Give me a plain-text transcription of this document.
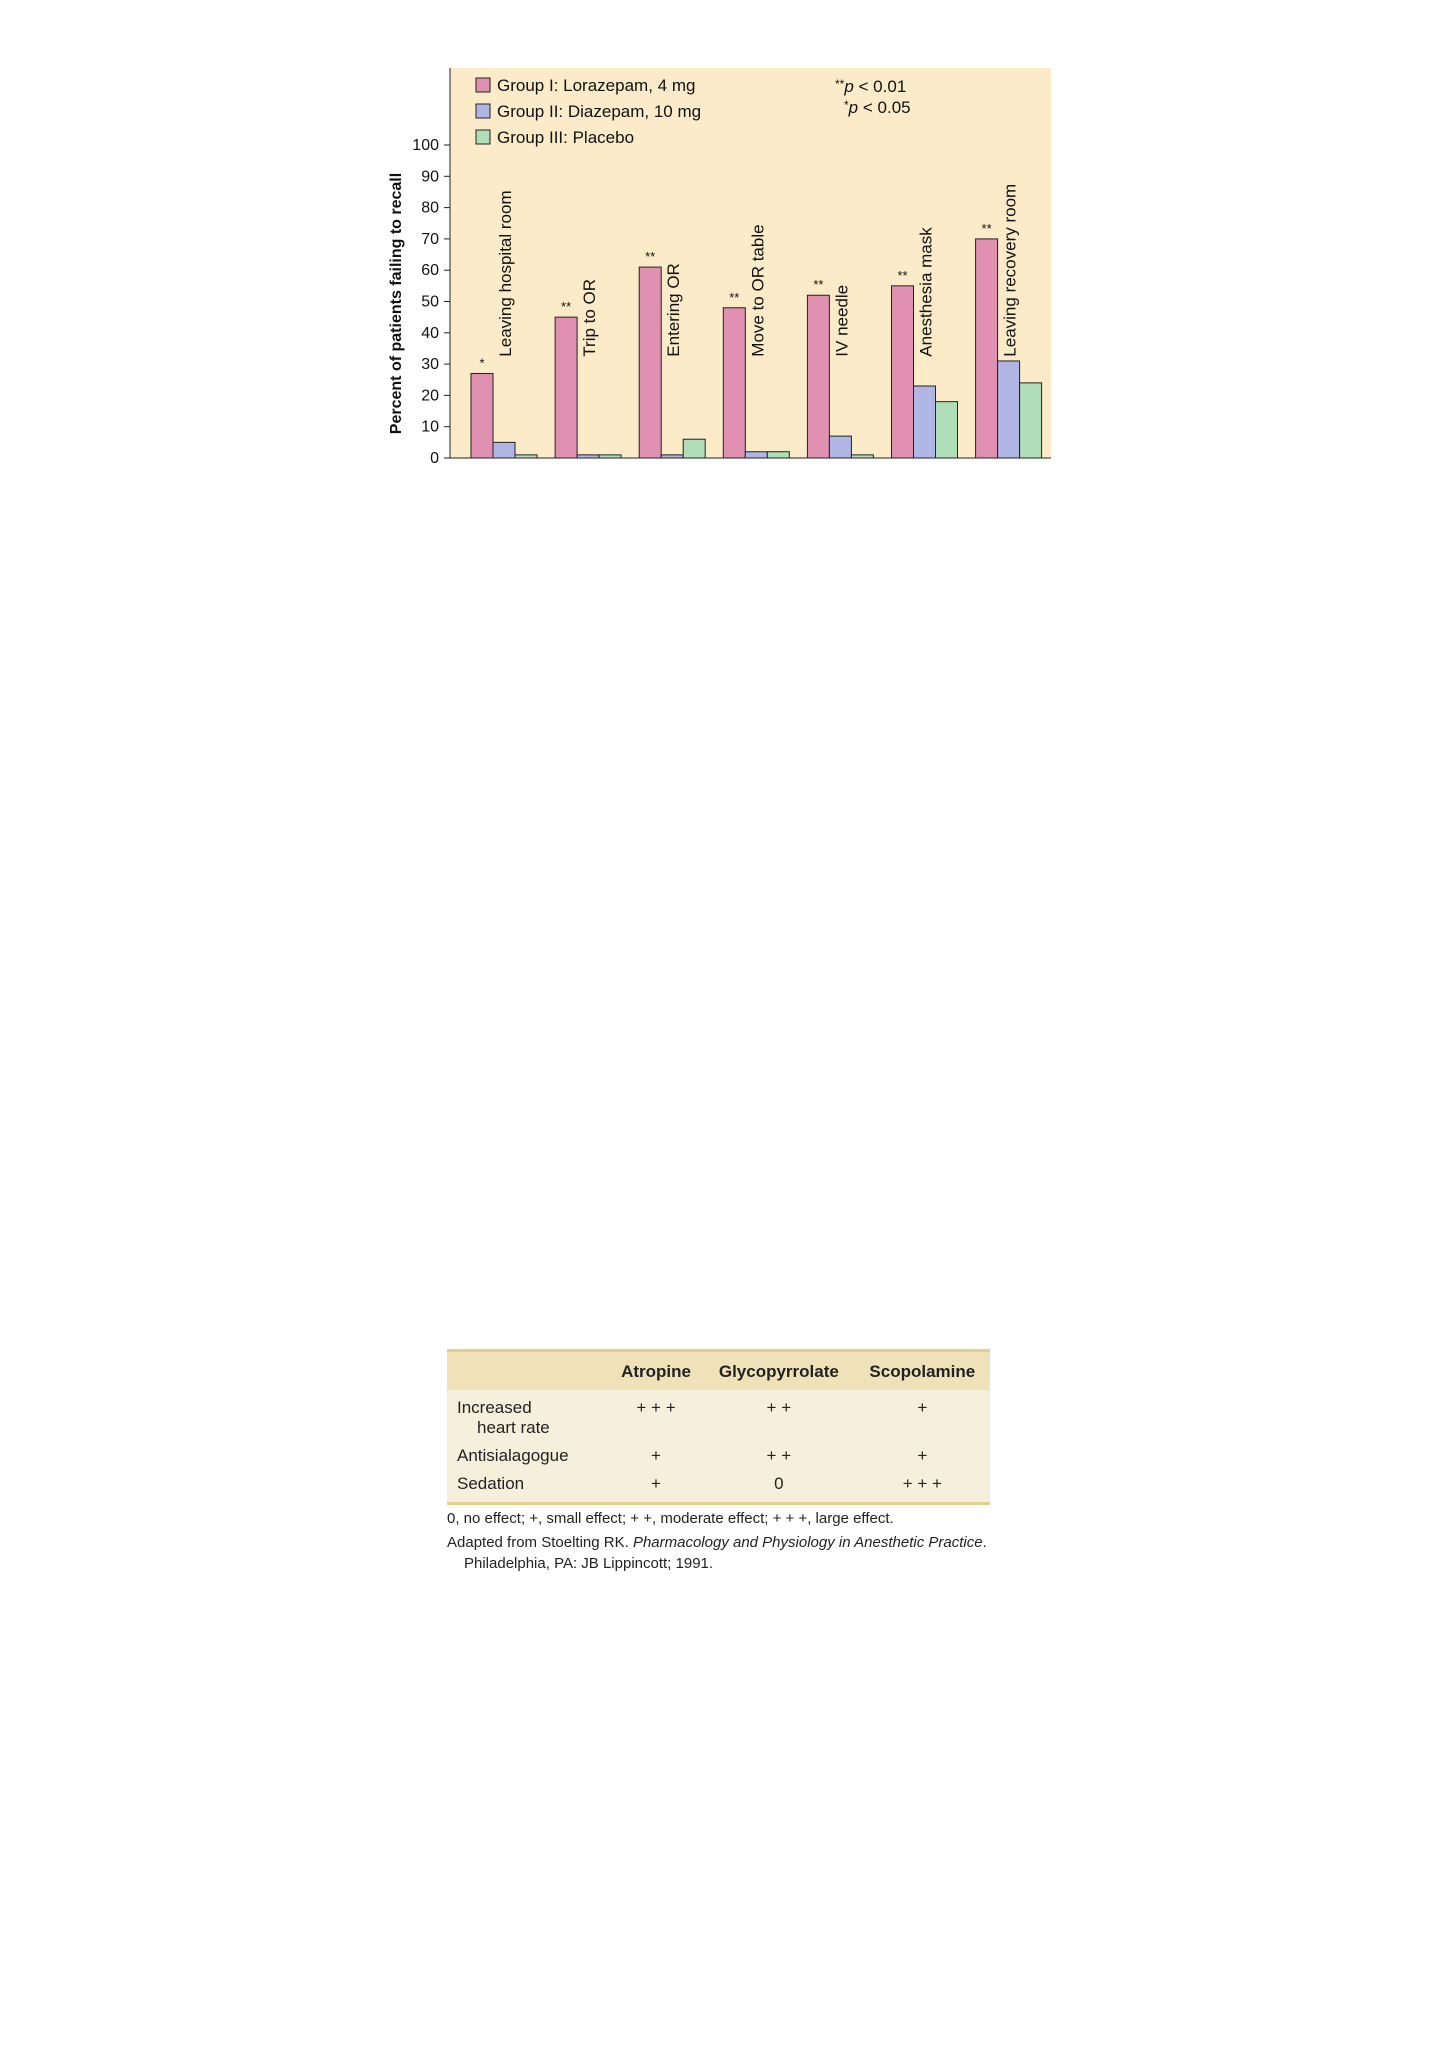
0
10
20
30
40
50
60
70
80
90
100
Percent of patients failing to recall	*
Leaving hospital room	** Trip to OR
**
Entering OR	** Move to OR table	**
IV needle
** Anesthesia mask	** Leaving recovery room
Group I: Lorazepam, 4 mg
Group II: Diazepam, 10 mg
Group III: Placebo
**p < 0.01
*p < 0.05
	Atropine	Glycopyrrolate	Scopolamine
Increased
heart rate	+ + +	+ +	+
Antisialagogue	+	+ +	+
Sedation	+	0	+ + +
0, no effect; +, small effect; + +, moderate effect; + + +, large effect.
Adapted from Stoelting RK. Pharmacology and Physiology in Anesthetic Practice. Philadelphia, PA: JB Lippincott; 1991.
